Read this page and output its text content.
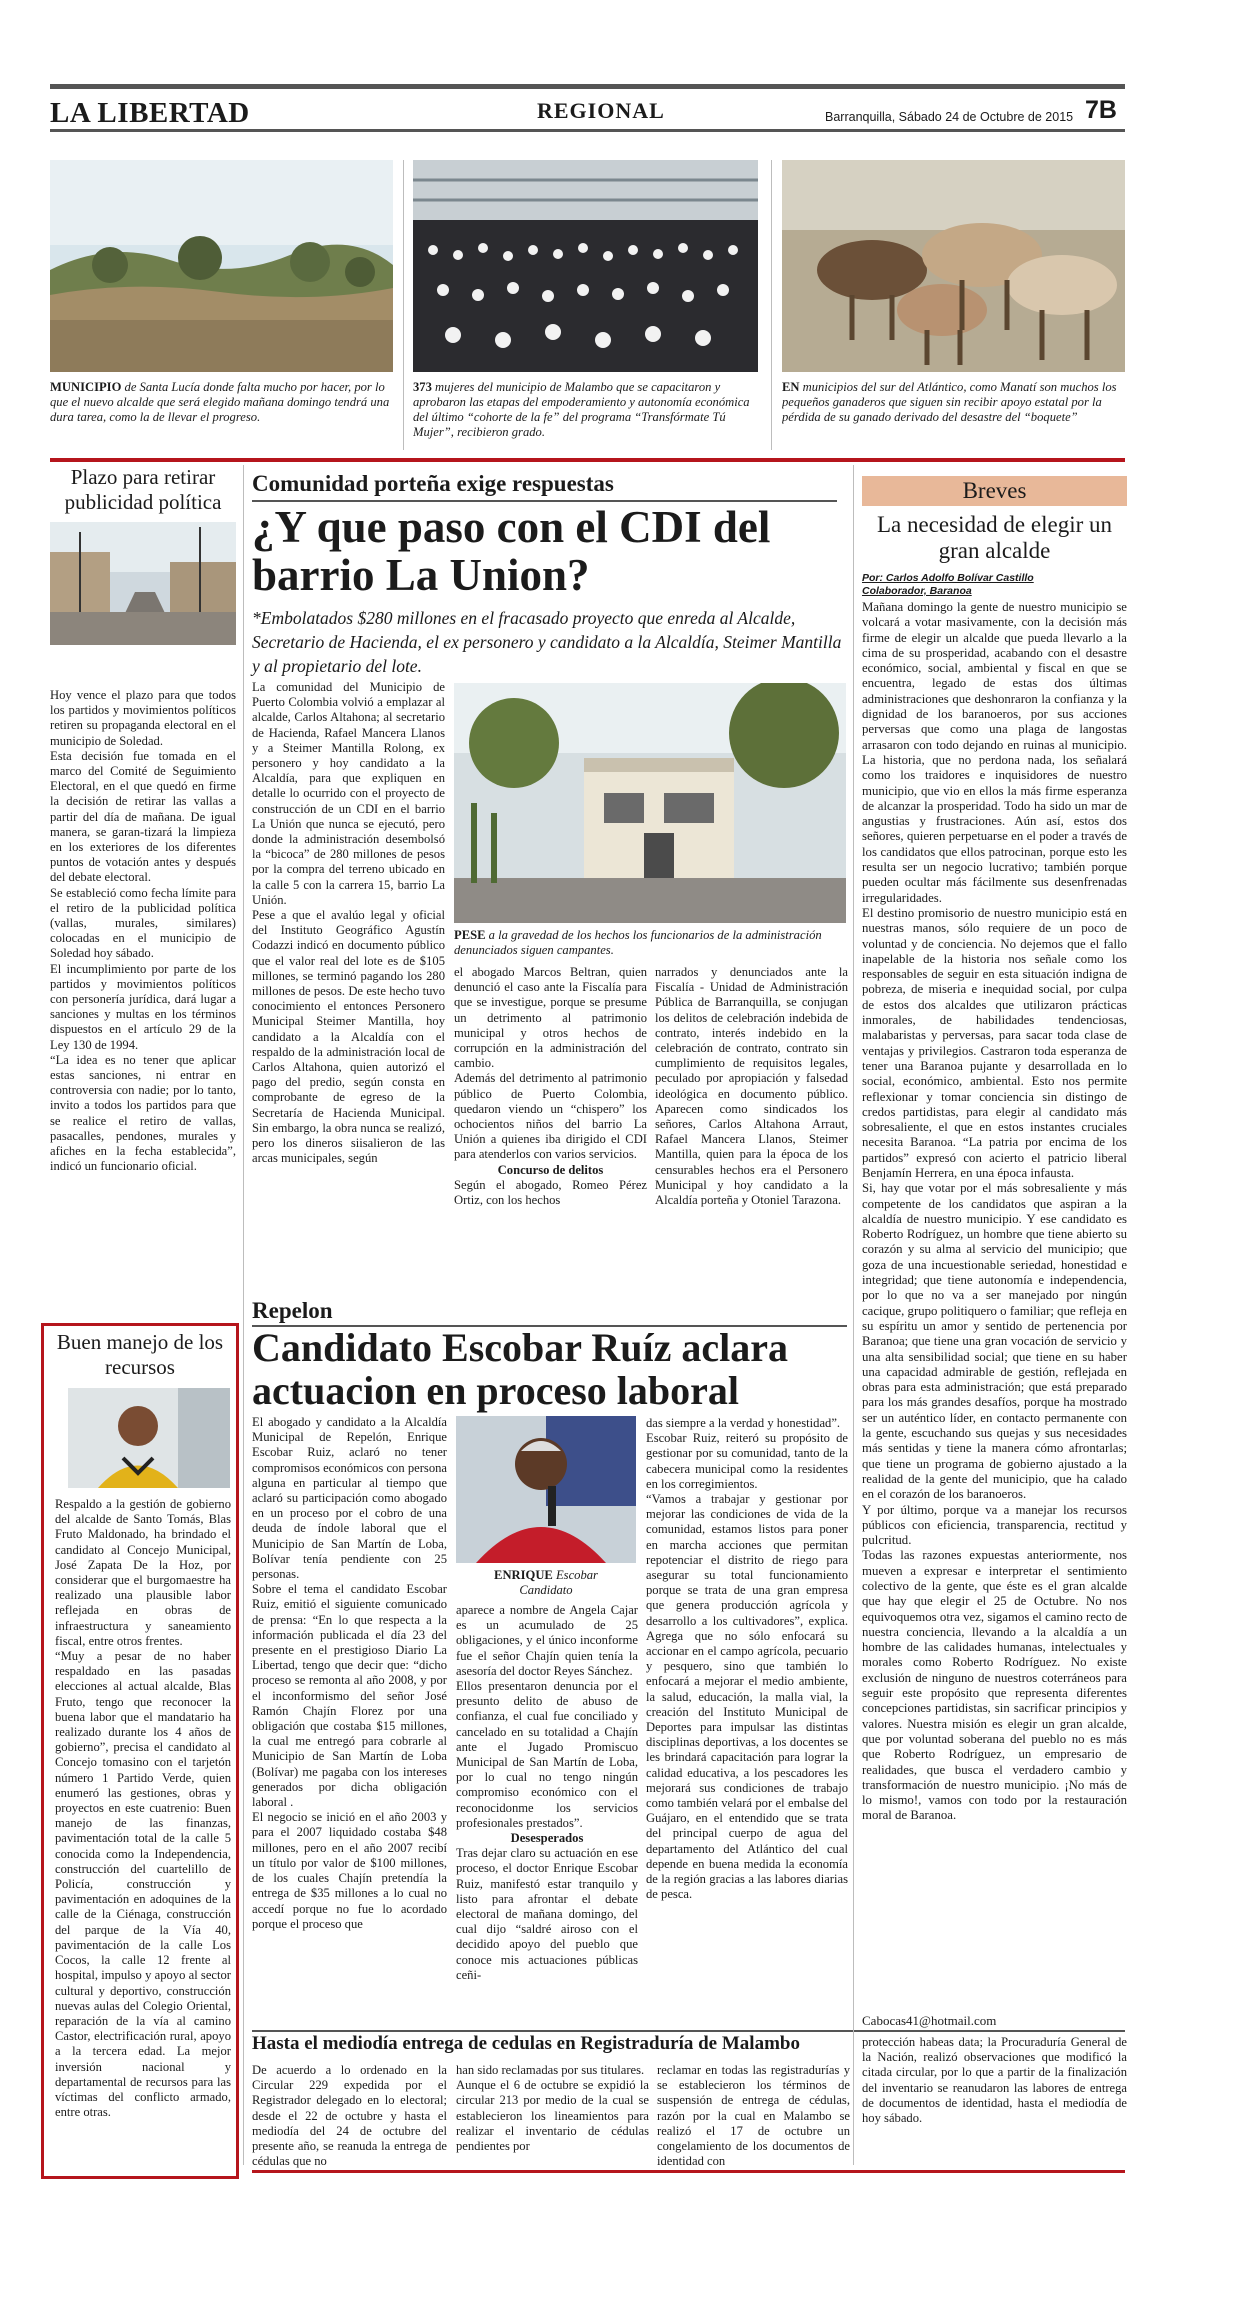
LA LIBERTAD	REGIONAL	Barranquilla, Sábado 24 de Octubre de 2015 7B
MUNICIPIO de Santa Lucía donde falta mucho por hacer, por lo que el nuevo alcalde que será elegido mañana domingo tendrá una dura tarea, como la de llevar el progreso.
373 mujeres del municipio de Malambo que se capacitaron y aprobaron las etapas del empoderamiento y autonomía económica del último “cohorte de la fe” del programa “Transfórmate Tú Mujer”, recibieron grado.
EN municipios del sur del Atlántico, como Manatí son muchos los pequeños ganaderos que siguen sin recibir apoyo estatal por la pérdida de su ganado derivado del desastre del “boquete”
Plazo para retirar publicidad política
Hoy vence el plazo para que todos los partidos y movimientos políticos retiren su propaganda electoral en el municipio de Soledad.
Esta decisión fue tomada en el marco del Comité de Seguimiento Electoral, en el que quedó en firme la decisión de retirar las vallas a partir del día de mañana. De igual manera, se garan-tizará la limpieza en los exteriores de los diferentes puntos de votación antes y después del debate electoral.
Se estableció como fecha límite para el retiro de la publicidad política (vallas, murales, similares) colocadas en el municipio de Soledad hoy sábado.
El incumplimiento por parte de los partidos y movimientos políticos con personería jurídica, dará lugar a sanciones y multas en los términos dispuestos en el artículo 29 de la Ley 130 de 1994.
“La idea es no tener que aplicar estas sanciones, ni entrar en controversia con nadie; por lo tanto, invito a todos los partidos para que se realice el retiro de vallas, pasacalles, pendones, murales y afiches en la fecha establecida”, indicó un funcionario oficial.
Buen manejo de los recursos
Respaldo a la gestión de gobierno del alcalde de Santo Tomás, Blas Fruto Maldonado, ha brindado el candidato al Concejo Municipal, José Zapata De la Hoz, por considerar que el burgomaestre ha realizado una plausible labor reflejada en obras de infraestructura y saneamiento fiscal, entre otros frentes.
“Muy a pesar de no haber respaldado en las pasadas elecciones al actual alcalde, Blas Fruto, tengo que reconocer la buena labor que el mandatario ha realizado durante los 4 años de gobierno”, precisa el candidato al Concejo tomasino con el tarjetón número 1 Partido Verde, quien enumeró las gestiones, obras y proyectos en este cuatrenio: Buen manejo de las finanzas, pavimentación total de la calle 5 conocida como la Independencia, construcción del cuartelillo de Policía, construcción y pavimentación en adoquines de la calle de la Ciénaga, construcción del parque de la Vía 40, pavimentación de la calle Los Cocos, la calle 12 frente al hospital, impulso y apoyo al sector cultural y deportivo, construcción nuevas aulas del Colegio Oriental, reparación de la vía al camino Castor, electrificación rural, apoyo a la tercera edad. La mejor inversión nacional y departamental de recursos para las víctimas del conflicto armado, entre otras.
Comunidad porteña exige respuestas
¿Y que paso con el CDI del barrio La Union?
*Embolatados $280 millones en el fracasado proyecto que enreda al Alcalde, Secretario de Hacienda, el ex personero y candidato a la Alcaldía, Steimer Mantilla y al propietario del lote.
La comunidad del Municipio de Puerto Colombia volvió a emplazar al alcalde, Carlos Altahona; al secretario de Hacienda, Rafael Mancera Llanos y a Steimer Mantilla Rolong, ex personero y hoy candidato a la Alcaldía, para que expliquen en detalle lo ocurrido con el proyecto de construcción de un CDI en el barrio La Unión que nunca se ejecutó, pero donde la administración desembolsó la “bicoca” de 280 millones de pesos por la compra del terreno ubicado en la calle 5 con la carrera 15, barrio La Unión.
Pese a que el avalúo legal y oficial del Instituto Geográfico Agustín Codazzi indicó en documento público que el valor real del lote es de $105 millones, se terminó pagando los 280 millones de pesos. De este hecho tuvo conocimiento el entonces Personero Municipal Steimer Mantilla, hoy candidato a la Alcaldía con el respaldo de la administración local de Carlos Altahona, quien autorizó el pago del predio, según consta en comprobante de egreso de la Secretaría de Hacienda Municipal. Sin embargo, la obra nunca se realizó, pero los dineros siisalieron de las arcas municipales, según
PESE a la gravedad de los hechos los funcionarios de la administración denunciados siguen campantes.

el abogado Marcos Beltran, quien denunció el caso ante la Fiscalía para que se investigue, porque se presume un detrimento al patrimonio municipal y otros hechos de corrupción en la administración del cambio.
Además del detrimento al patrimonio público de Puerto Colombia, quedaron viendo un “chispero” los ochocientos niños del barrio La Unión a quienes iba dirigido el CDI para atenderlos con varios servicios.

Concurso de delitos

Según el abogado, Romeo Pérez Ortiz, con los hechos

narrados y denunciados ante la Fiscalía - Unidad de Administración Pública de Barranquilla, se conjugan los delitos de celebración indebida de contrato, interés indebido en la celebración de contrato, contrato sin cumplimiento de requisitos legales, peculado por apropiación y falsedad ideológica en documento público. Aparecen como sindicados los señores, Carlos Altahona Arraut, Rafael Mancera Llanos, Steimer Mantilla, quien para la época de los censurables hechos era el Personero Municipal y hoy candidato a la Alcaldía porteña y Otoniel Tarazona.
Repelon
Candidato Escobar Ruíz aclara actuacion en proceso laboral
El abogado y candidato a la Alcaldía Municipal de Repelón, Enrique Escobar Ruiz, aclaró no tener compromisos económicos con persona alguna en particular al tiempo que aclaró su participación como abogado en un proceso por el cobro de una deuda de índole laboral que el Municipio de San Martín de Loba, Bolívar tenía pendiente con 25 personas.
Sobre el tema el candidato Escobar Ruiz, emitió el siguiente comunicado de prensa: “En lo que respecta a la información publicada el día 23 del presente en el prestigioso Diario La Libertad, tengo que decir que: “dicho proceso se remonta al año 2008, y por el inconformismo del señor José Ramón Chajín Florez por una obligación que costaba $15 millones, la cual me entregó para cobrarle al Municipio de San Martín de Loba (Bolívar) me pagaba con los intereses generados por dicha obligación laboral .
El negocio se inició en el año 2003 y para el 2007 liquidado costaba $48 millones, pero en el año 2007 recibí un título por valor de $100 millones, de los cuales Chajín pretendía la entrega de $35 millones a lo cual no accedí porque no fue lo acordado porque el proceso que
ENRIQUE Escobar
Candidato

aparece a nombre de Angela Cajar es un acumulado de 25 obligaciones, y el único inconforme fue el señor Chajín quien tenía la asesoría del doctor Reyes Sánchez.
Ellos presentaron denuncia por el presunto delito de abuso de confianza, el cual fue conciliado y cancelado en su totalidad a Chajín ante el Jugado Promiscuo Municipal de San Martín de Loba, por lo cual no tengo ningún compromiso económico con el reconocidonme los servicios profesionales prestados”.

Desesperados

Tras dejar claro su actuación en ese proceso, el doctor Enrique Escobar Ruiz, manifestó estar tranquilo y listo para afrontar el debate electoral de mañana domingo, del cual dijo “saldré airoso con el decidido apoyo del pueblo que conoce mis actuaciones públicas ceñi-

das siempre a la verdad y honestidad”.
Escobar Ruiz, reiteró su propósito de gestionar por su comunidad, tanto de la cabecera municipal como la residentes en los corregimientos.
“Vamos a trabajar y gestionar por mejorar las condiciones de vida de la comunidad, estamos listos para poner en marcha acciones que permitan repotenciar el distrito de riego para asegurar su total funcionamiento porque se trata de una gran empresa que genera producción agrícola y desarrollo a los cultivadores”, explica. Agrega que no sólo enfocará su accionar en el campo agrícola, pecuario y pesquero, sino que también lo enfocará a mejorar el medio ambiente, la salud, educación, la malla vial, la creación del Instituto Municipal de Deportes para impulsar las distintas disciplinas deportivas, a los docentes se les brindará capacitación para lograr la calidad educativa, a los pescadores les mejorará sus condiciones de trabajo como también velará por el embalse del Guájaro, en el entendido que se trata del principal cuerpo de agua del departamento del Atlántico del cual depende en buena medida la economía de la región gracias a las labores diarias de pesca.
Hasta el mediodía entrega de cedulas en Registraduría de Malambo
De acuerdo a lo ordenado en la Circular 229 expedida por el Registrador delegado en lo electoral; desde el 22 de octubre y hasta el mediodía del 24 de octubre del presente año, se reanuda la entrega de cédulas que no
han sido reclamadas por sus titulares.
Aunque el 6 de octubre se expidió la circular 213 por medio de la cual se establecieron los lineamientos para realizar el inventario de cédulas pendientes por
reclamar en todas las registradurías y se establecieron los términos de suspensión de entrega de cédulas, razón por la cual en Malambo se realizó el 17 de octubre un congelamiento de los documentos de identidad con
protección habeas data; la Procuraduría General de la Nación, realizó observaciones que modificó la citada circular, por lo que a partir de la finalización del inventario se reanudaron las labores de entrega de documentos de identidad, hasta el mediodía de hoy sábado.
Breves
La necesidad de elegir un gran alcalde
Por: Carlos Adolfo Bolívar Castillo
Colaborador, Baranoa
Mañana domingo la gente de nuestro municipio se volcará a votar masivamente, con la decisión más firme de elegir un alcalde que pueda llevarlo a la cima de su prosperidad, acabando con el desastre económico, social, ambiental y fiscal en que se encuentra, legado de estas dos últimas administraciones que deshonraron la confianza y la dignidad de los baranoeros, por sus acciones perversas que como una plaga de langostas arrasaron con todo dejando en ruinas al municipio. La historia, que no perdona nada, los señalará como los traidores e inquisidores de nuestro municipio, que vio en ellos la más firme esperanza de alcanzar la prosperidad. Todo ha sido un mar de angustias y frustraciones. Aún así, estos dos señores, quieren perpetuarse en el poder a través de los candidatos que ellos patrocinan, porque esto les resulta ser un negocio lucrativo; también porque pueden ocultar más fácilmente sus desenfrenadas irregularidades.
El destino promisorio de nuestro municipio está en nuestras manos, sólo requiere de un poco de voluntad y de conciencia. No dejemos que el fallo inapelable de la historia nos señale como los responsables de seguir en esta situación indigna de pobreza, de miseria e inequidad social, por culpa de estos dos alcaldes que utilizaron prácticas inmorales, de habilidades tendenciosas, malabaristas y perversas, para sacar toda clase de ventajas y privilegios. Castraron toda esperanza de tener una Baranoa pujante y desarrollada en lo social, económico, ambiental. Esto nos permite reflexionar y tomar conciencia sin distingo de credos partidistas, para elegir al candidato más sobresaliente, el que en estos instantes cruciales necesita Baranoa. “La patria por encima de los partidos” expresó con acierto el patricio liberal Benjamín Herrera, en una época infausta.
Si, hay que votar por el más sobresaliente y más competente de los candidatos que aspiran a la alcaldía de nuestro municipio. Y ese candidato es Roberto Rodríguez, un hombre que tiene abierto su corazón y su alma al servicio del municipio; que goza de una incuestionable seriedad, honestidad e integridad; que tiene autonomía e independencia, por lo que no va a ser manejado por ningún cacique, grupo politiquero o familiar; que refleja en su espíritu un amor y sentido de pertenencia por Baranoa; que tiene una gran vocación de servicio y una alta sensibilidad social; que tiene en su haber una capacidad admirable de gestión, reflejada en obras para esta administración; que está preparado para los más grandes desafíos, porque ha mostrado ser un auténtico líder, en contacto permanente con la gente, escuchando sus quejas y sus necesidades más sentidas y tiene la manera cómo afrontarlas; que tiene un programa de gobierno ajustado a la realidad de la gente del municipio, que ha calado en el corazón de los baranoeros.
Y por último, porque va a manejar los recursos públicos con eficiencia, transparencia, rectitud y pulcritud.
Todas las razones expuestas anteriormente, nos mueven a expresar e interpretar el sentimiento colectivo de la gente, que éste es el gran alcalde que hay que elegir el 25 de Octubre. No nos equivoquemos otra vez, sigamos el camino recto de nuestra conciencia, llevando a la alcaldía a un hombre de las calidades humanas, intelectuales y morales como Roberto Rodríguez. No existe exclusión de ninguno de nuestros coterráneos para seguir este propósito que representa diferentes concepciones partidistas, sin sacrificar principios y valores. Nuestra misión es elegir un gran alcalde, que por voluntad soberana del pueblo no es más que Roberto Rodríguez, un empresario de realidades, que busca el verdadero cambio y transformación de nuestro municipio. ¡No más de lo mismo!, vamos con todo por la restauración moral de Baranoa.
Cabocas41@hotmail.com
